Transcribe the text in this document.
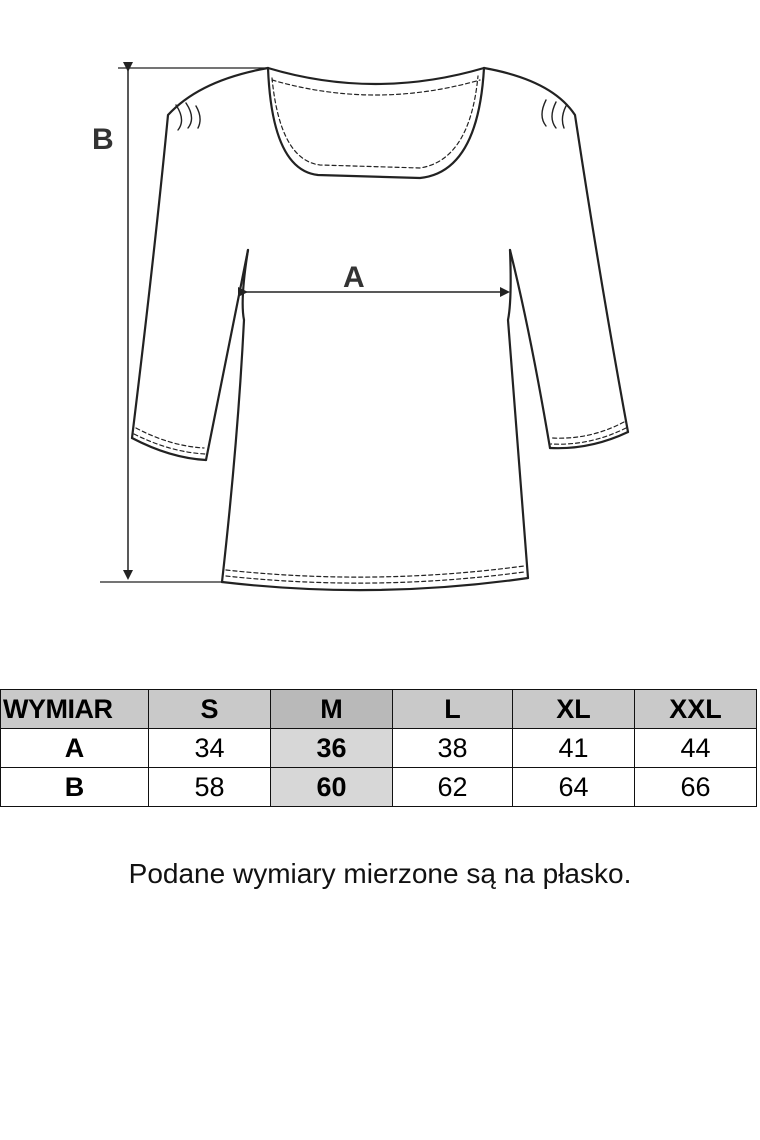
B
A
WYMIAR	S	M	L	XL	XXL
A	34	36	38	41	44
B	58	60	62	64	66
Podane wymiary mierzone są na płasko.
